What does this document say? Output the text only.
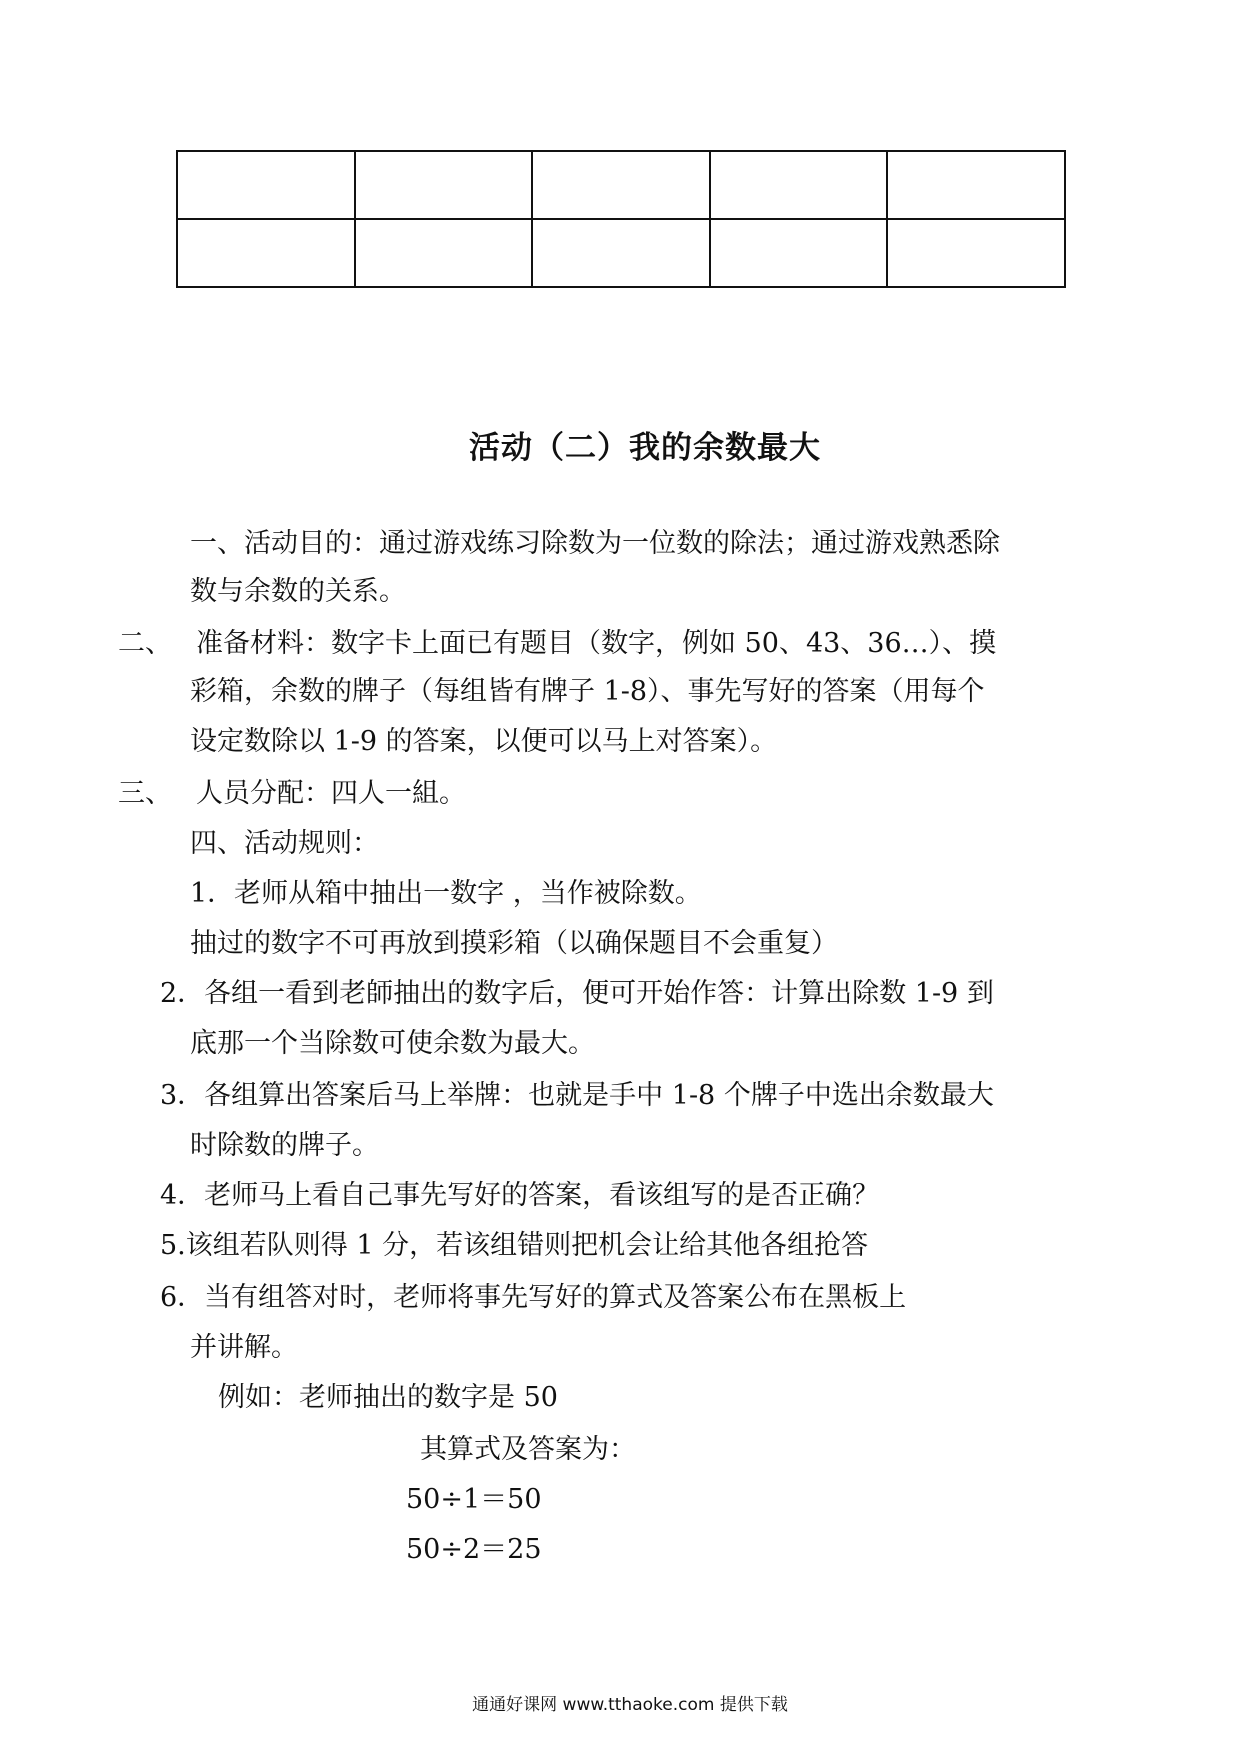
活动（二）我的余数最大
一、活动目的：通过游戏练习除数为一位数的除法；通过游戏熟悉除
数与余数的关系。
二、 准备材料：数字卡上面已有题目（数字，例如 50、43、36…）、摸
彩箱，余数的牌子（每组皆有牌子 1-8）、事先写好的答案（用每个
设定数除以 1-9 的答案，以便可以马上对答案）。
三、 人员分配：四人一組。
四、活动规则：
1．老师从箱中抽出一数字 ，当作被除数。
抽过的数字不可再放到摸彩箱（以确保题目不会重复）
2．各组一看到老師抽出的数字后，便可开始作答：计算出除数 1-9 到
底那一个当除数可使余数为最大。
3．各组算出答案后马上举牌：也就是手中 1-8 个牌子中选出余数最大
时除数的牌子。
4．老师马上看自己事先写好的答案，看该组写的是否正确？
5.该组若队则得 1 分，若该组错则把机会让给其他各组抢答
6．当有组答对时，老师将事先写好的算式及答案公布在黑板上
并讲解。
例如：老师抽出的数字是 50
其算式及答案为：
50÷1＝50
50÷2＝25
通通好课网 www.tthaoke.com 提供下载
